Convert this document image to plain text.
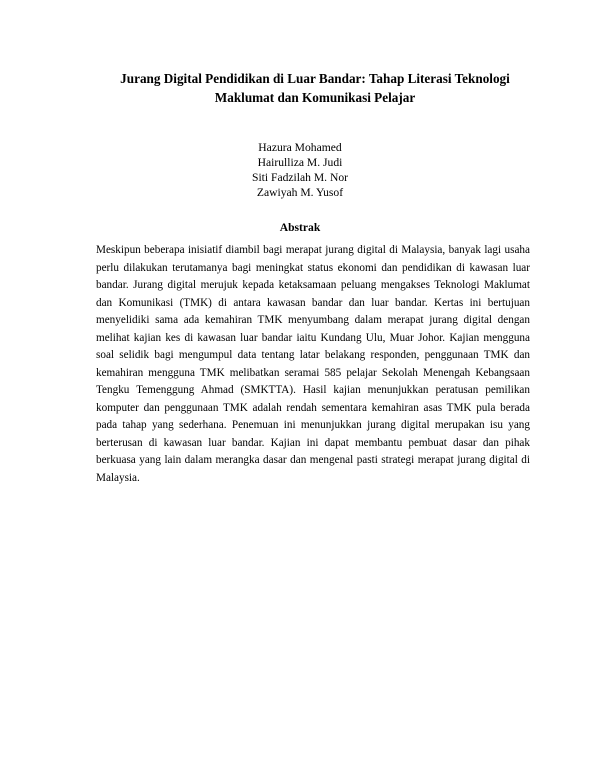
Jurang Digital Pendidikan di Luar Bandar: Tahap Literasi Teknologi
Maklumat dan Komunikasi Pelajar
Hazura Mohamed
Hairulliza M. Judi
Siti Fadzilah M. Nor
Zawiyah M. Yusof
Abstrak

Meskipun beberapa inisiatif diambil bagi merapat jurang digital di Malaysia, banyak lagi usaha perlu dilakukan terutamanya bagi meningkat status ekonomi dan pendidikan di kawasan luar bandar. Jurang digital merujuk kepada ketaksamaan peluang mengakses Teknologi Maklumat dan Komunikasi (TMK) di antara kawasan bandar dan luar bandar. Kertas ini bertujuan menyelidiki sama ada kemahiran TMK menyumbang dalam merapat jurang digital dengan melihat kajian kes di kawasan luar bandar iaitu Kundang Ulu, Muar Johor. Kajian mengguna soal selidik bagi mengumpul data tentang latar belakang responden, penggunaan TMK dan kemahiran mengguna TMK melibatkan seramai 585 pelajar Sekolah Menengah Kebangsaan Tengku Temenggung Ahmad (SMKTTA). Hasil kajian menunjukkan peratusan pemilikan komputer dan penggunaan TMK adalah rendah sementara kemahiran asas TMK pula berada pada tahap yang sederhana. Penemuan ini menunjukkan jurang digital merupakan isu yang berterusan di kawasan luar bandar. Kajian ini dapat membantu pembuat dasar dan pihak berkuasa yang lain dalam merangka dasar dan mengenal pasti strategi merapat jurang digital di Malaysia.
